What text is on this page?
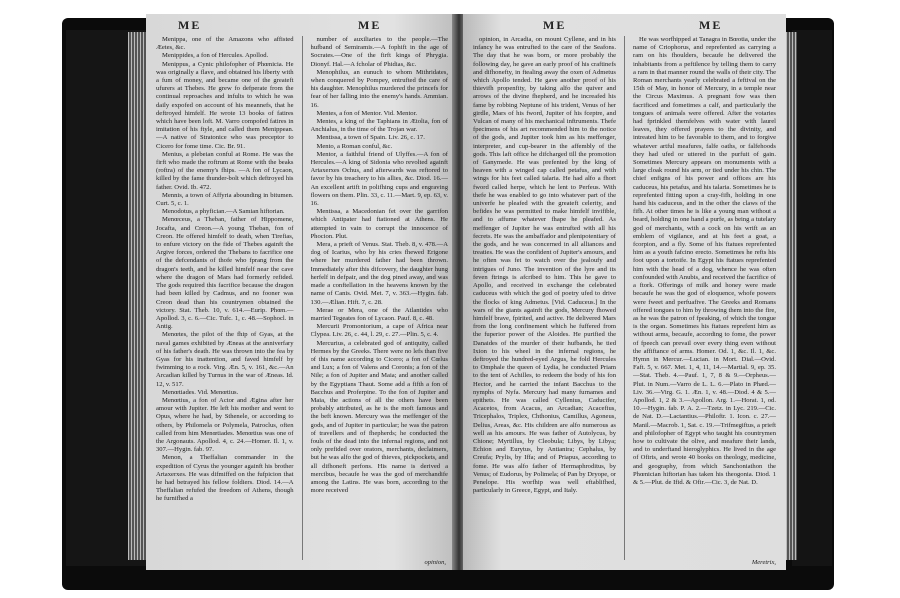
ME	ME

Menippa, one of the Amazons who affisted Æetes, &c.

Menippides, a fon of Hercules. Apollod.

Menippus, a Cynic philofopher of Phœnicia. He was originally a flave, and obtained his liberty with a fum of money, and became one of the greateft ufurers at Thebes. He grew fo defperate from the continual reproaches and infults to which he was daily expofed on account of his meannefs, that he deftroyed himfelf. He wrote 13 books of fatires which have been loft. M. Varro compofed fatires in imitation of his ftyle, and called them Menippean.—A native of Stratonice who was preceptor to Cicero for fome time. Cic. Br. 91.

Menius, a plebeian conful at Rome. He was the firft who made the roftrum at Rome with the beaks (roftra) of the enemy's fhips. —A fon of Lycaon, killed by the fame thunder-bolt which deftroyed his father. Ovid. Ib. 472.

Mennis, a town of Affyria abounding in bitumen. Curt. 5, c. 1.

Menodotus, a phyfician.—A Samian hiftorian.

Menœceus, a Theban, father of Hippomene, Jocafta, and Creon.—A young Theban, fon of Creon. He offered himfelf to death, when Tirefias, to enfure victory on the fide of Thebes againft the Argive forces, ordered the Thebans to facrifice one of the defcendants of thofe who fprang from the dragon's teeth, and he killed himfelf near the cave where the dragon of Mars had formerly refided. The gods required this facrifice because the dragon had been killed by Cadmus, and no fooner was Creon dead than his countrymen obtained the victory. Stat. Theb. 10, v. 614.—Eurip. Phœn.—Apollod. 3, c. 6.—Cic. Tufc. 1, c. 48.—Sophocl. in Antig.

Menœtes, the pilot of the fhip of Gyas, at the naval games exhibited by Æneas at the anniverfary of his father's death. He was thrown into the fea by Gyas for his inattention, and faved himfelf by fwimming to a rock. Virg. Æn. 5, v. 161, &c.—An Arcadian killed by Turnus in the war of Æneas. Id. 12, v. 517.

Menœtiades. Vid. Menœtius.

Menœtius, a fon of Actor and Ægina after her amour with Jupiter. He left his mother and went to Opus, where he had, by Sthenele, or according to others, by Philomela or Polymela, Patroclus, often called from him Menœtiades. Menœtius was one of the Argonauts. Apollod. 4, c. 24.—Homer. Il. 1, v. 307.—Hygin. fab. 97.

Menon, a Theffalian commander in the expedition of Cyrus the younger againft his brother Artaxerxes. He was difmiffed on the fufpicion that he had betrayed his fellow foldiers. Diod. 14.—A Theffalian refufed the freedom of Athens, though he furnifhed a

number of auxiliaries to the people.—The hufband of Semiramis.—A fophift in the age of Socrates.—One of the firft kings of Phrygia. Dionyf. Hal.—A fcholar of Phidias, &c.

Menophilus, an eunuch to whom Mithridates, when conquered by Pompey, entrufted the care of his daughter. Menophilus murdered the princefs for fear of her falling into the enemy's hands. Ammian. 16.

Mentes, a fon of Mentor. Vid. Mentor.

Mentes, a king of the Taphians in Ætolia, fon of Anchialus, in the time of the Trojan war.

Mentissa, a town of Spain. Liv. 26, c. 17.

Mento, a Roman conful, &c.

Mentor, a faithful friend of Ulyffes.—A fon of Hercules.—A king of Sidonia who revolted againft Artaxerxes Ochus, and afterwards was reftored to favor by his treachery to his allies, &c. Diod. 16.—An excellent artift in polifhing cups and engraving flowers on them. Plin. 33, c. 11.—Mart. 9, ep. 63, v. 16.

Mentissa, a Macedonian fet over the garrifon which Antipater had ftationed at Athens. He attempted in vain to corrupt the innocence of Phocion. Plut.

Mera, a prieft of Venus. Stat. Theb. 8, v. 478.—A dog of Icarius, who by his cries fhewed Erigone where her murdered father had been thrown. Immediately after this difcovery, the daughter hung herfelf in defpair, and the dog pined away, and was made a conftellation in the heavens known by the name of Canis. Ovid. Met. 7, v. 363.—Hygin. fab. 130.—Ælian. Hift. 7, c. 28.

Merae or Mera, one of the Atlantides who married Tegeates fon of Lycaon. Pauf. 8, c. 48.

Mercurii Promontorium, a cape of Africa near Clypea. Liv. 26, c. 44, l. 29, c. 27.—Plin. 5, c. 4.

Mercurius, a celebrated god of antiquity, called Hermes by the Greeks. There were no lefs than five of this name according to Cicero; a fon of Cœlus and Lux; a fon of Valens and Coronis; a fon of the Nile; a fon of Jupiter and Maia; and another called by the Egyptians Thaut. Some add a fifth a fon of Bacchus and Proferpine. To the fon of Jupiter and Maia, the actions of all the others have been probably attributed, as he is the moft famous and the beft known. Mercury was the meffenger of the gods, and of Jupiter in particular; he was the patron of travellers and of fhepherds; he conducted the fouls of the dead into the infernal regions, and not only prefided over orators, merchants, declaimers, but he was alfo the god of thieves, pickpockets, and all difhoneft perfons. His name is derived a mercibus, becaufe he was the god of merchandife among the Latins. He was born, according to the more received

opinion,
ME	ME

opinion, in Arcadia, on mount Cyllene, and in his infancy he was entrufted to the care of the Seafons. The day that he was born, or more probably the following day, he gave an early proof of his craftinefs and difhonefty, in ftealing away the oxen of Admetus which Apollo tended. He gave another proof of his thievifh propenfity, by taking alfo the quiver and arrows of the divine fhepherd, and he increafed his fame by robbing Neptune of his trident, Venus of her girdle, Mars of his fword, Jupiter of his fceptre, and Vulcan of many of his mechanical inftruments. Thefe fpecimens of his art recommended him to the notice of the gods, and Jupiter took him as his meffenger, interpreter, and cup-bearer in the affembly of the gods. This laft office he difcharged till the promotion of Ganymede. He was prefented by the king of heaven with a winged cap called petafus, and with wings for his feet called talaria. He had alfo a fhort fword called herpe, which he lent to Perfeus. With thefe he was enabled to go into whatever part of the univerfe he pleafed with the greateft celerity, and befides he was permitted to make himfelf invifible, and to affume whatever fhape he pleafed. As meffenger of Jupiter he was entrufted with all his fecrets. He was the ambaffador and plenipotentiary of the gods, and he was concerned in all alliances and treaties. He was the confident of Jupiter's amours, and he often was fet to watch over the jealoufy and intrigues of Juno. The invention of the lyre and its feven ftrings is afcribed to him. This he gave to Apollo, and received in exchange the celebrated caduceus with which the god of poetry ufed to drive the flocks of king Admetus. [Vid. Caduceus.] In the wars of the giants againft the gods, Mercury fhowed himfelf brave, fpirited, and active. He delivered Mars from the long confinement which he fuffered from the fuperior power of the Aloides. He purified the Danaides of the murder of their hufbands, he tied Ixion to his wheel in the infernal regions, he deftroyed the hundred-eyed Argus, he fold Hercules to Omphale the queen of Lydia, he conducted Priam to the tent of Achilles, to redeem the body of his fon Hector, and he carried the infant Bacchus to the nymphs of Nyfa. Mercury had many furnames and epithets. He was called Cyllenius, Caducifer, Acacetos, from Acacus, an Arcadian; Acacefius, Tricephalos, Triplex, Chthonius, Camillus, Agoneus, Delius, Areas, &c. His children are alfo numerous as well as his amours. He was father of Autolycus, by Chione; Myrtillus, by Cleobula; Libys, by Libya; Echion and Eurytus, by Antianira; Cephalus, by Creufa; Prylis, by Iffa; and of Priapus, according to fome. He was alfo father of Hermaphroditus, by Venus; of Eudorus, by Polimela; of Pan by Dryope, or Penelope. His worfhip was well eftablifhed, particularly in Greece, Egypt, and Italy.

He was worfhipped at Tanagra in Bœotia, under the name of Criophorus, and reprefented as carrying a ram on his fhoulders, becaufe he delivered the inhabitants from a peftilence by telling them to carry a ram in that manner round the walls of their city. The Roman merchants yearly celebrated a feftival on the 15th of May, in honor of Mercury, in a temple near the Circus Maximus. A pregnant fow was then facrificed and fometimes a calf, and particularly the tongues of animals were offered. After the votaries had fprinkled themfelves with water with laurel leaves, they offered prayers to the divinity, and intreated him to be favorable to them, and to forgive whatever artful meafures, falfe oaths, or falfehoods they had ufed or uttered in the purfuit of gain. Sometimes Mercury appears on monuments with a large cloak round his arm, or tied under his chin. The chief enfigns of his power and offices are his caduceus, his petafus, and his talaria. Sometimes he is reprefented fitting upon a cray-fifh, holding in one hand his caduceus, and in the other the claws of the fifh. At other times he is like a young man without a beard, holding in one hand a purfe, as being a tutelary god of merchants, with a cock on his wrift as an emblem of vigilance, and at his feet a goat, a fcorpion, and a fly. Some of his ftatues reprefented him as a youth fafcino erecto. Sometimes he refts his foot upon a tortoife. In Egypt his ftatues reprefented him with the head of a dog, whence he was often confounded with Anubis, and received the facrifice of a ftork. Offerings of milk and honey were made becaufe he was the god of eloquence, whofe powers were fweet and perfuafive. The Greeks and Romans offered tongues to him by throwing them into the fire, as he was the patron of fpeaking, of which the tongue is the organ. Sometimes his ftatues reprefent him as without arms, becaufe, according to fome, the power of fpeech can prevail over every thing even without the affiftance of arms. Homer. Od. 1, &c. Il. 1, &c. Hymn in Mercur.—Lucian. in Mort. Dial.—Ovid. Faft. 5, v. 667. Met. 1, 4, 11, 14.—Martial. 9, ep. 35.—Stat. Theb. 4.—Pauf. 1, 7, 8 & 9.—Orpheus.—Plut. in Num.—Varro de L. L. 6.—Plato in Phæd.—Liv. 36.—Virg. G. 1. Æn. 1, v. 48.—Diod. 4 & 5.—Apollod. 1, 2 & 3.—Apollon. Arg. 1.—Horat. 1, od. 10.—Hygin. fab. P. A. 2.—Tzetz. in Lyc. 219.—Cic. de Nat. D.—Lactantius.—Philoftr. 1. Icon. c. 27.—Manil.—Macrob. 1, Sat. c. 19.—Trifmegiftus, a prieft and philofopher of Egypt who taught his countrymen how to cultivate the olive, and meafure their lands, and to underftand hieroglyphics. He lived in the age of Ofiris, and wrote 40 books on theology, medicine, and geography, from which Sanchoniathon the Phœnician hiftorian has taken his theogonia. Diod. 1 & 5.—Plut. de Ifid. & Ofir.—Cic. 3, de Nat. D.

Meretrix,
